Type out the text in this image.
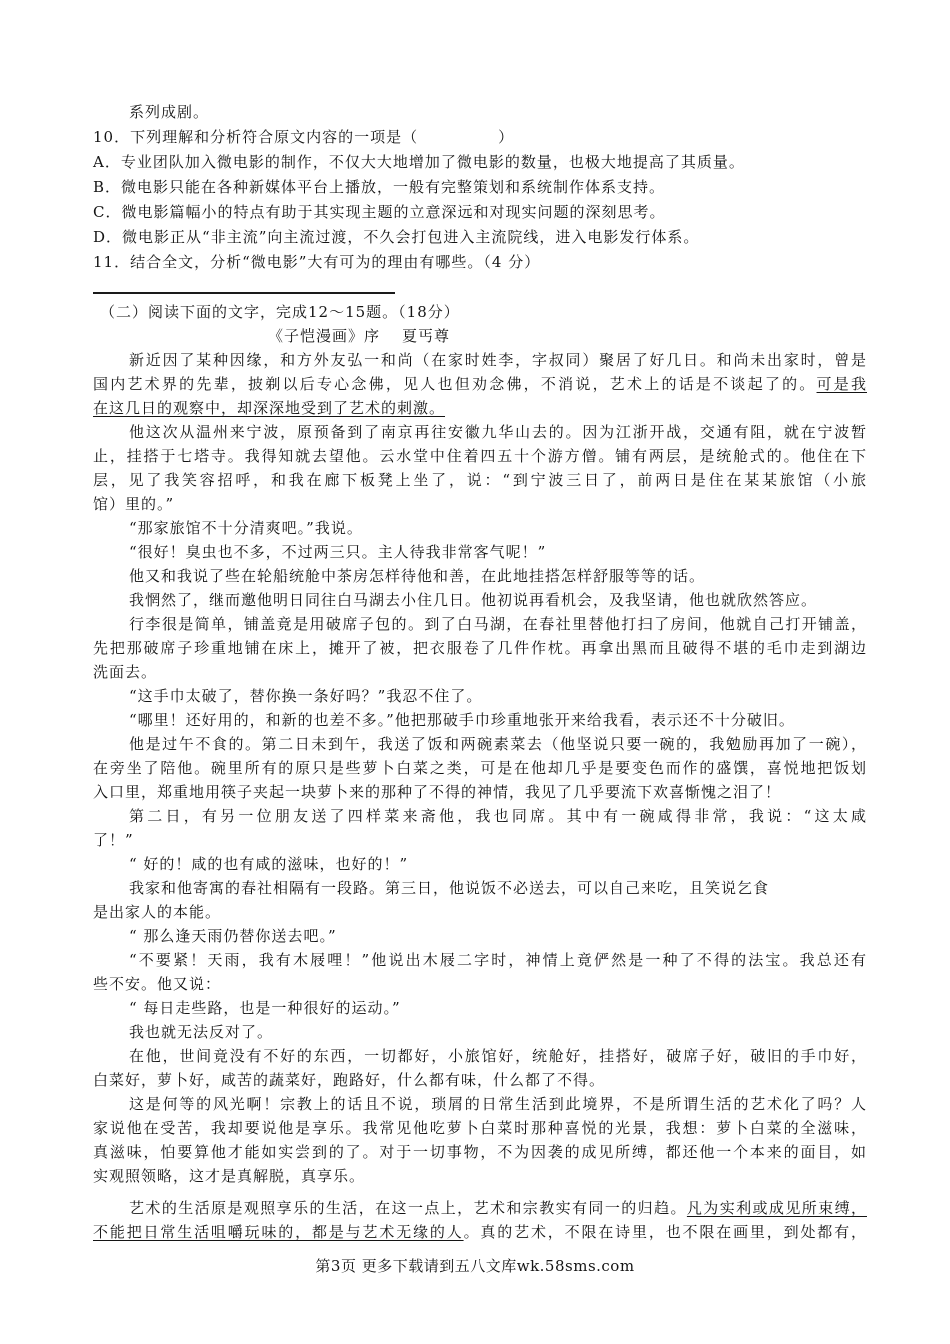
系列成剧。
10．下列理解和分析符合原文内容的一项是（　　　　　）
A．专业团队加入微电影的制作，不仅大大地增加了微电影的数量，也极大地提高了其质量。
B．微电影只能在各种新媒体平台上播放，一般有完整策划和系统制作体系支持。
C．微电影篇幅小的特点有助于其实现主题的立意深远和对现实问题的深刻思考。
D．微电影正从“非主流”向主流过渡，不久会打包进入主流院线，进入电影发行体系。
11．结合全文，分析“微电影”大有可为的理由有哪些。（4 分）
（二）阅读下面的文字，完成12～15题。（18分）
《子恺漫画》序 夏丐尊
新近因了某种因缘，和方外友弘一和尚（在家时姓李，字叔同）聚居了好几日。和尚未出家时，曾是
国内艺术界的先辈，披剃以后专心念佛，见人也但劝念佛，不消说，艺术上的话是不谈起了的。可是我
在这几日的观察中，却深深地受到了艺术的刺激。
他这次从温州来宁波，原预备到了南京再往安徽九华山去的。因为江浙开战，交通有阻，就在宁波暂
止，挂搭于七塔寺。我得知就去望他。云水堂中住着四五十个游方僧。铺有两层，是统舱式的。他住在下
层，见了我笑容招呼，和我在廊下板凳上坐了，说：“到宁波三日了，前两日是住在某某旅馆（小旅
馆）里的。”
“那家旅馆不十分清爽吧。”我说。
“很好！臭虫也不多，不过两三只。主人待我非常客气呢！”
他又和我说了些在轮船统舱中茶房怎样待他和善，在此地挂搭怎样舒服等等的话。
我惘然了，继而邀他明日同往白马湖去小住几日。他初说再看机会，及我坚请，他也就欣然答应。
行李很是简单，铺盖竟是用破席子包的。到了白马湖，在春社里替他打扫了房间，他就自己打开铺盖，
先把那破席子珍重地铺在床上，摊开了被，把衣服卷了几件作枕。再拿出黑而且破得不堪的毛巾走到湖边
洗面去。
“这手巾太破了，替你换一条好吗？”我忍不住了。
“哪里！还好用的，和新的也差不多。”他把那破手巾珍重地张开来给我看，表示还不十分破旧。
他是过午不食的。第二日未到午，我送了饭和两碗素菜去（他坚说只要一碗的，我勉励再加了一碗），
在旁坐了陪他。碗里所有的原只是些萝卜白菜之类，可是在他却几乎是要变色而作的盛馔，喜悦地把饭划
入口里，郑重地用筷子夹起一块萝卜来的那种了不得的神情，我见了几乎要流下欢喜惭愧之泪了！
第二日，有另一位朋友送了四样菜来斋他，我也同席。其中有一碗咸得非常，我说：“这太咸
了！”
“ 好的！咸的也有咸的滋味，也好的！”
我家和他寄寓的春社相隔有一段路。第三日，他说饭不必送去，可以自己来吃，且笑说乞食
是出家人的本能。
“ 那么逢天雨仍替你送去吧。”
“不要紧！天雨，我有木屐哩！”他说出木屐二字时，神情上竟俨然是一种了不得的法宝。我总还有
些不安。他又说：
“ 每日走些路，也是一种很好的运动。”
我也就无法反对了。
在他，世间竟没有不好的东西，一切都好，小旅馆好，统舱好，挂搭好，破席子好，破旧的手巾好，
白菜好，萝卜好，咸苦的蔬菜好，跑路好，什么都有味，什么都了不得。
这是何等的风光啊！宗教上的话且不说，琐屑的日常生活到此境界，不是所谓生活的艺术化了吗？人
家说他在受苦，我却要说他是享乐。我常见他吃萝卜白菜时那种喜悦的光景，我想：萝卜白菜的全滋味，
真滋味，怕要算他才能如实尝到的了。对于一切事物，不为因袭的成见所缚，都还他一个本来的面目，如
实观照领略，这才是真解脱，真享乐。
艺术的生活原是观照享乐的生活，在这一点上，艺术和宗教实有同一的归趋。凡为实利或成见所束缚，
不能把日常生活咀嚼玩味的，都是与艺术无缘的人。真的艺术，不限在诗里，也不限在画里，到处都有，
第3页 更多下载请到五八文库wk.58sms.com
